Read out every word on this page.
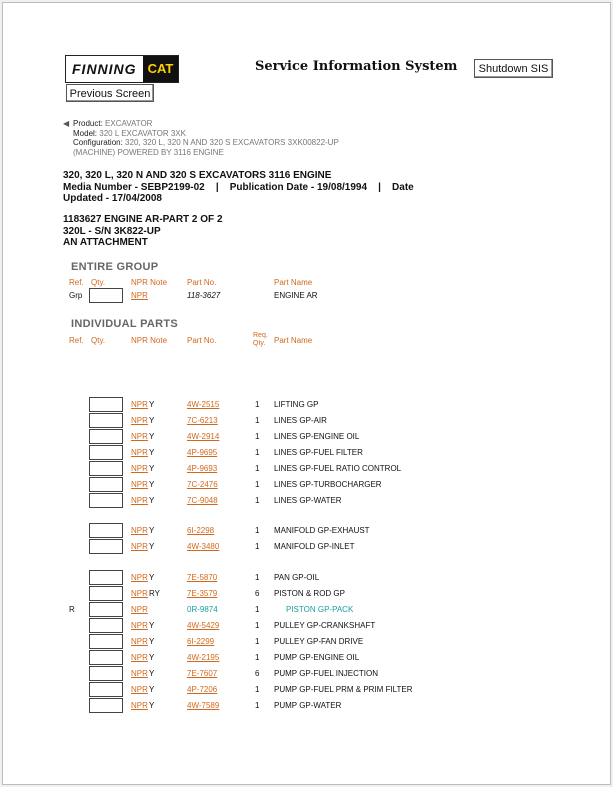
FINNING CAT	Service Information System	Shutdown SIS
Previous Screen
◀ Product: EXCAVATOR
Model: 320 L EXCAVATOR 3XK
Configuration: 320, 320 L, 320 N AND 320 S EXCAVATORS 3XK00822-UP
(MACHINE) POWERED BY 3116 ENGINE
320, 320 L, 320 N AND 320 S EXCAVATORS 3116 ENGINE
Media Number - SEBP2199-02    |    Publication Date - 19/08/1994    |    Date
Updated - 17/04/2008
1183627 ENGINE AR-PART 2 OF 2
320L - S/N 3K822-UP
AN ATTACHMENT
ENTIRE GROUP
Ref. Qty.	NPR Note Part No.	Part Name
Grp	NPR	118-3627	ENGINE AR
INDIVIDUAL PARTS
Ref. Qty.	NPR Note Part No.
Req.
Qty.	Part Name
NPR Y	4W-2515	1 LIFTING GP
NPR Y	7C-6213	1 LINES GP-AIR
NPR Y	4W-2914	1 LINES GP-ENGINE OIL
NPR Y	4P-9695	1 LINES GP-FUEL FILTER
NPR Y	4P-9693	1 LINES GP-FUEL RATIO CONTROL
NPR Y	7C-2476	1 LINES GP-TURBOCHARGER
NPR Y	7C-9048	1 LINES GP-WATER
NPR Y	6I-2298	1 MANIFOLD GP-EXHAUST
NPR Y	4W-3480	1 MANIFOLD GP-INLET
NPR Y	7E-5870	1 PAN GP-OIL
NPR RY	7E-3579	6 PISTON & ROD GP
R	NPR	0R-9874	1	PISTON GP-PACK
NPR Y	4W-5429	1 PULLEY GP-CRANKSHAFT
NPR Y	6I-2299	1 PULLEY GP-FAN DRIVE
NPR Y	4W-2195	1 PUMP GP-ENGINE OIL
NPR Y	7E-7607	6 PUMP GP-FUEL INJECTION
NPR Y	4P-7206	1 PUMP GP-FUEL PRM & PRIM FILTER
NPR Y	4W-7589	1 PUMP GP-WATER
